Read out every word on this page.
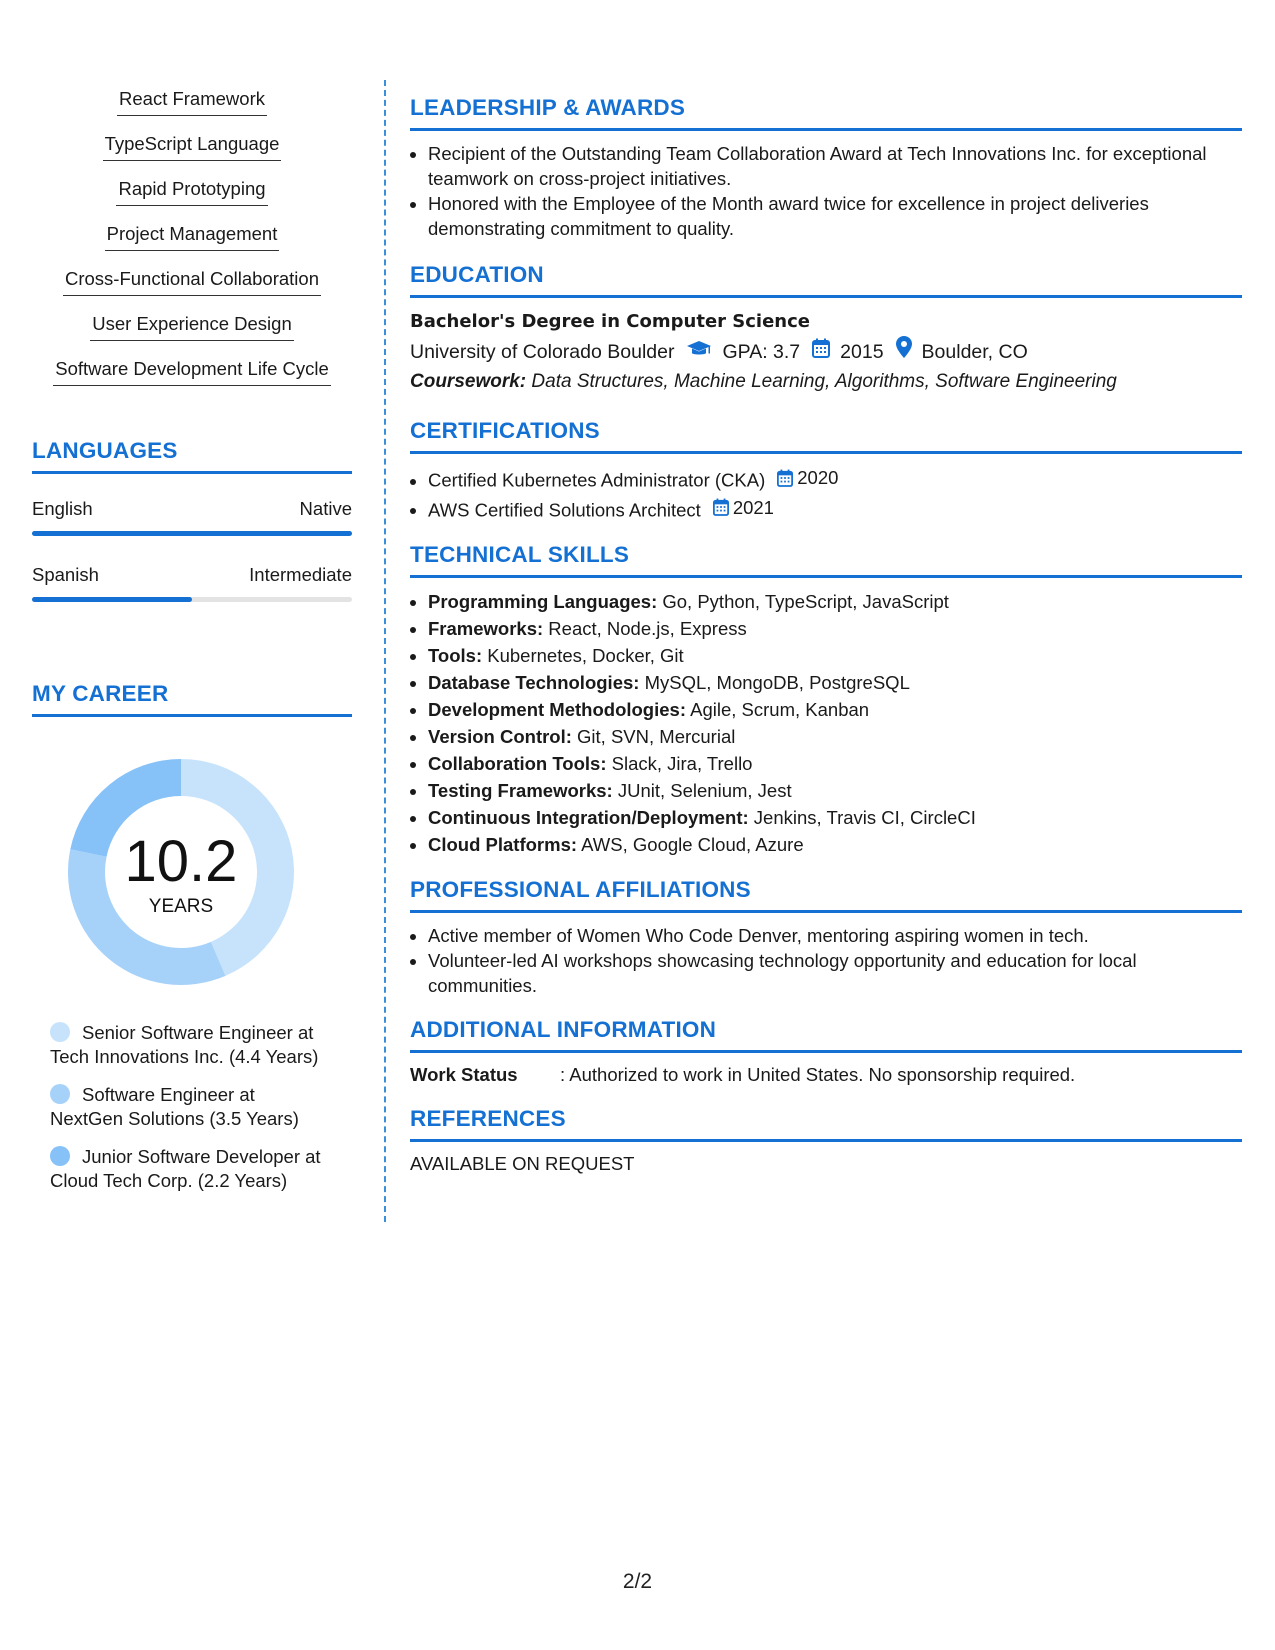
React Framework
TypeScript Language
Rapid Prototyping
Project Management
Cross-Functional Collaboration
User Experience Design
Software Development Life Cycle
LANGUAGES
English	Native
Spanish	Intermediate
MY CAREER
10.2
YEARS
Senior Software Engineer at
Tech Innovations Inc. (4.4 Years)
Software Engineer at
NextGen Solutions (3.5 Years)
Junior Software Developer at
Cloud Tech Corp. (2.2 Years)
LEADERSHIP & AWARDS
• Recipient of the Outstanding Team Collaboration Award at Tech Innovations Inc. for exceptional teamwork on cross-project initiatives.
• Honored with the Employee of the Month award twice for excellence in project deliveries demonstrating commitment to quality.
EDUCATION
Bachelor's Degree in Computer Science
University of Colorado Boulder GPA: 3.7 2015 Boulder, CO
Coursework: Data Structures, Machine Learning, Algorithms, Software Engineering
CERTIFICATIONS
• Certified Kubernetes Administrator (CKA) 2020
• AWS Certified Solutions Architect 2021
TECHNICAL SKILLS
• Programming Languages: Go, Python, TypeScript, JavaScript
• Frameworks: React, Node.js, Express
• Tools: Kubernetes, Docker, Git
• Database Technologies: MySQL, MongoDB, PostgreSQL
• Development Methodologies: Agile, Scrum, Kanban
• Version Control: Git, SVN, Mercurial
• Collaboration Tools: Slack, Jira, Trello
• Testing Frameworks: JUnit, Selenium, Jest
• Continuous Integration/Deployment: Jenkins, Travis CI, CircleCI
• Cloud Platforms: AWS, Google Cloud, Azure
PROFESSIONAL AFFILIATIONS
• Active member of Women Who Code Denver, mentoring aspiring women in tech.
• Volunteer-led AI workshops showcasing technology opportunity and education for local communities.
ADDITIONAL INFORMATION
Work Status	: Authorized to work in United States. No sponsorship required.
REFERENCES
AVAILABLE ON REQUEST
2/2
